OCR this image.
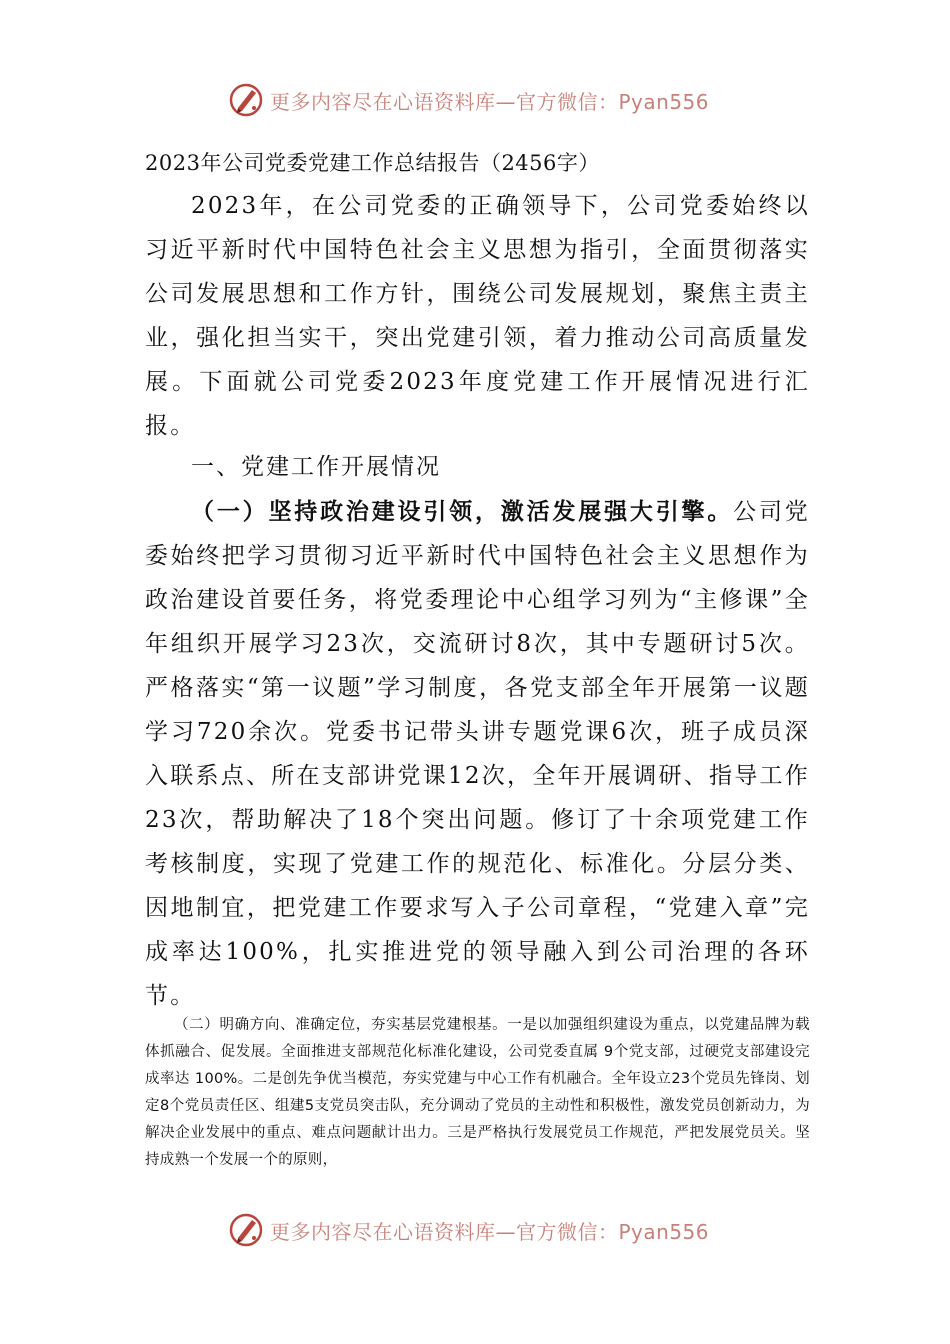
更多内容尽在心语资料库—官方微信：Pyan556
2023年公司党委党建工作总结报告（2456字）

2023年，在公司党委的正确领导下，公司党委始终以习近平新时代中国特色社会主义思想为指引，全面贯彻落实公司发展思想和工作方针，围绕公司发展规划，聚焦主责主业，强化担当实干，突出党建引领，着力推动公司高质量发展。下面就公司党委2023年度党建工作开展情况进行汇报。

一、党建工作开展情况

（一）坚持政治建设引领，激活发展强大引擎。公司党委始终把学习贯彻习近平新时代中国特色社会主义思想作为政治建设首要任务，将党委理论中心组学习列为“主修课”全年组织开展学习23次，交流研讨8次，其中专题研讨5次。严格落实“第一议题”学习制度，各党支部全年开展第一议题学习720余次。党委书记带头讲专题党课6次，班子成员深入联系点、所在支部讲党课12次，全年开展调研、指导工作23次，帮助解决了18个突出问题。修订了十余项党建工作考核制度，实现了党建工作的规范化、标准化。分层分类、因地制宜，把党建工作要求写入子公司章程，“党建入章”完成率达100%，扎实推进党的领导融入到公司治理的各环节。

（二）明确方向、准确定位，夯实基层党建根基。一是以加强组织建设为重点，以党建品牌为载体抓融合、促发展。全面推进支部规范化标准化建设，公司党委直属 9个党支部，过硬党支部建设完成率达 100%。二是创先争优当模范，夯实党建与中心工作有机融合。全年设立23个党员先锋岗、划定8个党员责任区、组建5支党员突击队，充分调动了党员的主动性和积极性，激发党员创新动力，为解决企业发展中的重点、难点问题献计出力。三是严格执行发展党员工作规范，严把发展党员关。坚持成熟一个发展一个的原则，

更多内容尽在心语资料库—官方微信：Pyan556
